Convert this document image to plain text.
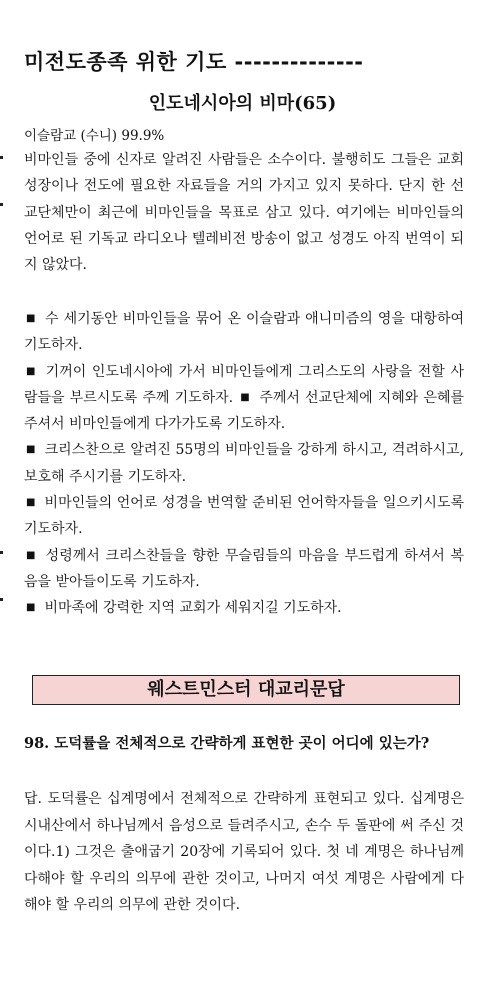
미전도종족 위한 기도 --------------
인도네시아의 비마(65)
이슬람교 (수니) 99.9%
비마인들 중에 신자로 알려진 사람들은 소수이다. 불행히도 그들은 교회성장이나 전도에 필요한 자료들을 거의 가지고 있지 못하다. 단지 한 선교단체만이 최근에 비마인들을 목표로 삼고 있다. 여기에는 비마인들의 언어로 된 기독교 라디오나 텔레비전 방송이 없고 성경도 아직 번역이 되지 않았다.

■ 수 세기동안 비마인들을 묶어 온 이슬람과 애니미즘의 영을 대항하여 기도하자.

■ 기꺼이 인도네시아에 가서 비마인들에게 그리스도의 사랑을 전할 사람들을 부르시도록 주께 기도하자. ■ 주께서 선교단체에 지혜와 은혜를 주셔서 비마인들에게 다가가도록 기도하자.

■ 크리스찬으로 알려진 55명의 비마인들을 강하게 하시고, 격려하시고, 보호해 주시기를 기도하자.

■ 비마인들의 언어로 성경을 번역할 준비된 언어학자들을 일으키시도록 기도하자.

■ 성령께서 크리스찬들을 향한 무슬림들의 마음을 부드럽게 하셔서 복음을 받아들이도록 기도하자.

■ 비마족에 강력한 지역 교회가 세워지길 기도하자.

웨스트민스터 대교리문답
98. 도덕률을 전체적으로 간략하게 표현한 곳이 어디에 있는가?
답. 도덕률은 십계명에서 전체적으로 간략하게 표현되고 있다. 십계명은 시내산에서 하나님께서 음성으로 들려주시고, 손수 두 돌판에 써 주신 것이다.1) 그것은 출애굽기 20장에 기록되어 있다. 첫 네 계명은 하나님께 다해야 할 우리의 의무에 관한 것이고, 나머지 여섯 계명은 사람에게 다해야 할 우리의 의무에 관한 것이다.
